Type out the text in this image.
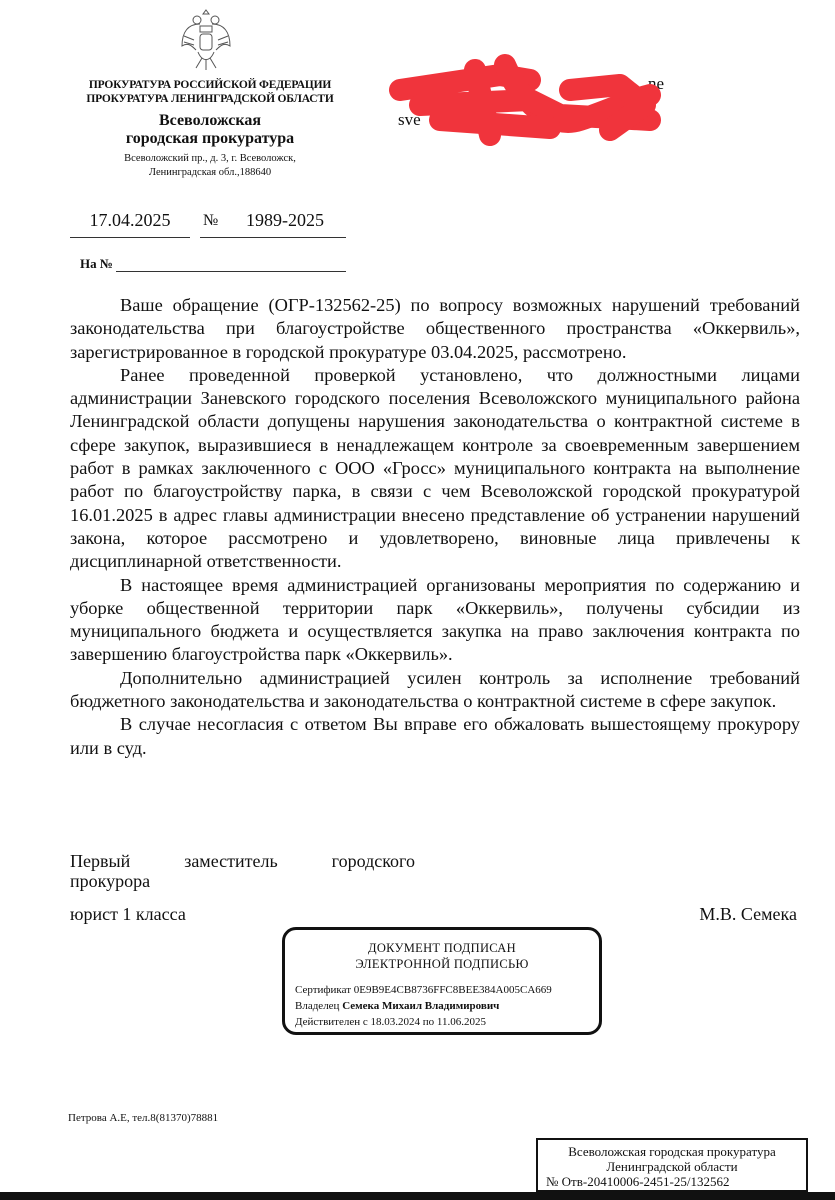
ПРОКУРАТУРА РОССИЙСКОЙ ФЕДЕРАЦИИ
ПРОКУРАТУРА ЛЕНИНГРАДСКОЙ ОБЛАСТИ
Всеволожская
городская прокуратура
Всеволожский пр., д. 3, г. Всеволожск,
Ленинградская обл.,188640
17.04.2025	№	1989-2025
На №
ne
sve	ru

Ваше обращение (ОГР-132562-25) по вопросу возможных нарушений требований законодательства при благоустройстве общественного пространства «Оккервиль», зарегистрированное в городской прокуратуре 03.04.2025, рассмотрено.

Ранее проведенной проверкой установлено, что должностными лицами администрации Заневского городского поселения Всеволожского муниципального района Ленинградской области допущены нарушения законодательства о контрактной системе в сфере закупок, выразившиеся в ненадлежащем контроле за своевременным завершением работ в рамках заключенного с ООО «Гросс» муниципального контракта на выполнение работ по благоустройству парка, в связи с чем Всеволожской городской прокуратурой 16.01.2025 в адрес главы администрации внесено представление об устранении нарушений закона, которое рассмотрено и удовлетворено, виновные лица привлечены к дисциплинарной ответственности.

В настоящее время администрацией организованы мероприятия по содержанию и уборке общественной территории парк «Оккервиль», получены субсидии из муниципального бюджета и осуществляется закупка на право заключения контракта по завершению благоустройства парк «Оккервиль».

Дополнительно администрацией усилен контроль за исполнение требований бюджетного законодательства и законодательства о контрактной системе в сфере закупок.

В случае несогласия с ответом Вы вправе его обжаловать вышестоящему прокурору или в суд.

Первый заместитель городского
прокурора
юрист 1 класса	М.В. Семека
ДОКУМЕНТ ПОДПИСАН
ЭЛЕКТРОННОЙ ПОДПИСЬЮ
Сертификат 0E9B9E4CB8736FFC8BEE384A005CA669
Владелец Семека Михаил Владимирович
Действителен с 18.03.2024 по 11.06.2025
Петрова А.Е, тел.8(81370)78881
Всеволожская городская прокуратура
Ленинградской области
№ Отв-20410006-2451-25/132562
